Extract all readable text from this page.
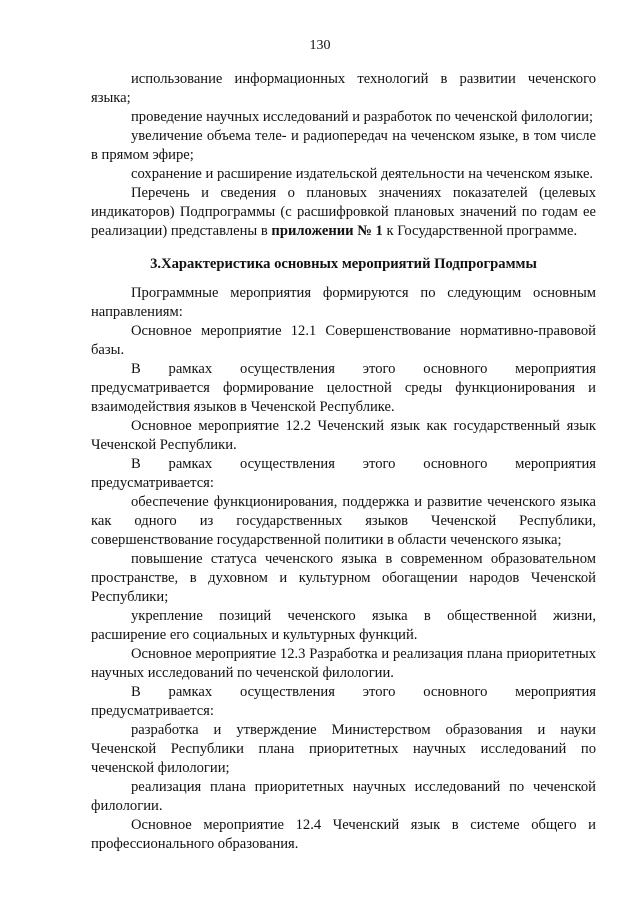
130

использование информационных технологий в развитии чеченского языка;

проведение научных исследований и разработок по чеченской филологии;

увеличение объема теле- и радиопередач на чеченском языке, в том числе в прямом эфире;

сохранение и расширение издательской деятельности на чеченском языке.

Перечень и сведения о плановых значениях показателей (целевых индикаторов) Подпрограммы (с расшифровкой плановых значений по годам ее реализации) представлены в приложении № 1 к Государственной программе.

3.Характеристика основных мероприятий Подпрограммы

Программные мероприятия формируются по следующим основным направлениям:

Основное мероприятие 12.1 Совершенствование нормативно-правовой базы.

В рамках осуществления этого основного мероприятия предусматривается формирование целостной среды функционирования и взаимодействия языков в Чеченской Республике.

Основное мероприятие 12.2 Чеченский язык как государственный язык Чеченской Республики.

В рамках осуществления этого основного мероприятия предусматривается:

обеспечение функционирования, поддержка и развитие чеченского языка как одного из государственных языков Чеченской Республики, совершенствование государственной политики в области чеченского языка;

повышение статуса чеченского языка в современном образовательном пространстве, в духовном и культурном обогащении народов Чеченской Республики;

укрепление позиций чеченского языка в общественной жизни, расширение его социальных и культурных функций.

Основное мероприятие 12.3 Разработка и реализация плана приоритетных научных исследований по чеченской филологии.

В рамках осуществления этого основного мероприятия предусматривается:

разработка и утверждение Министерством образования и науки Чеченской Республики плана приоритетных научных исследований по чеченской филологии;

реализация плана приоритетных научных исследований по чеченской филологии.

Основное мероприятие 12.4 Чеченский язык в системе общего и профессионального образования.
